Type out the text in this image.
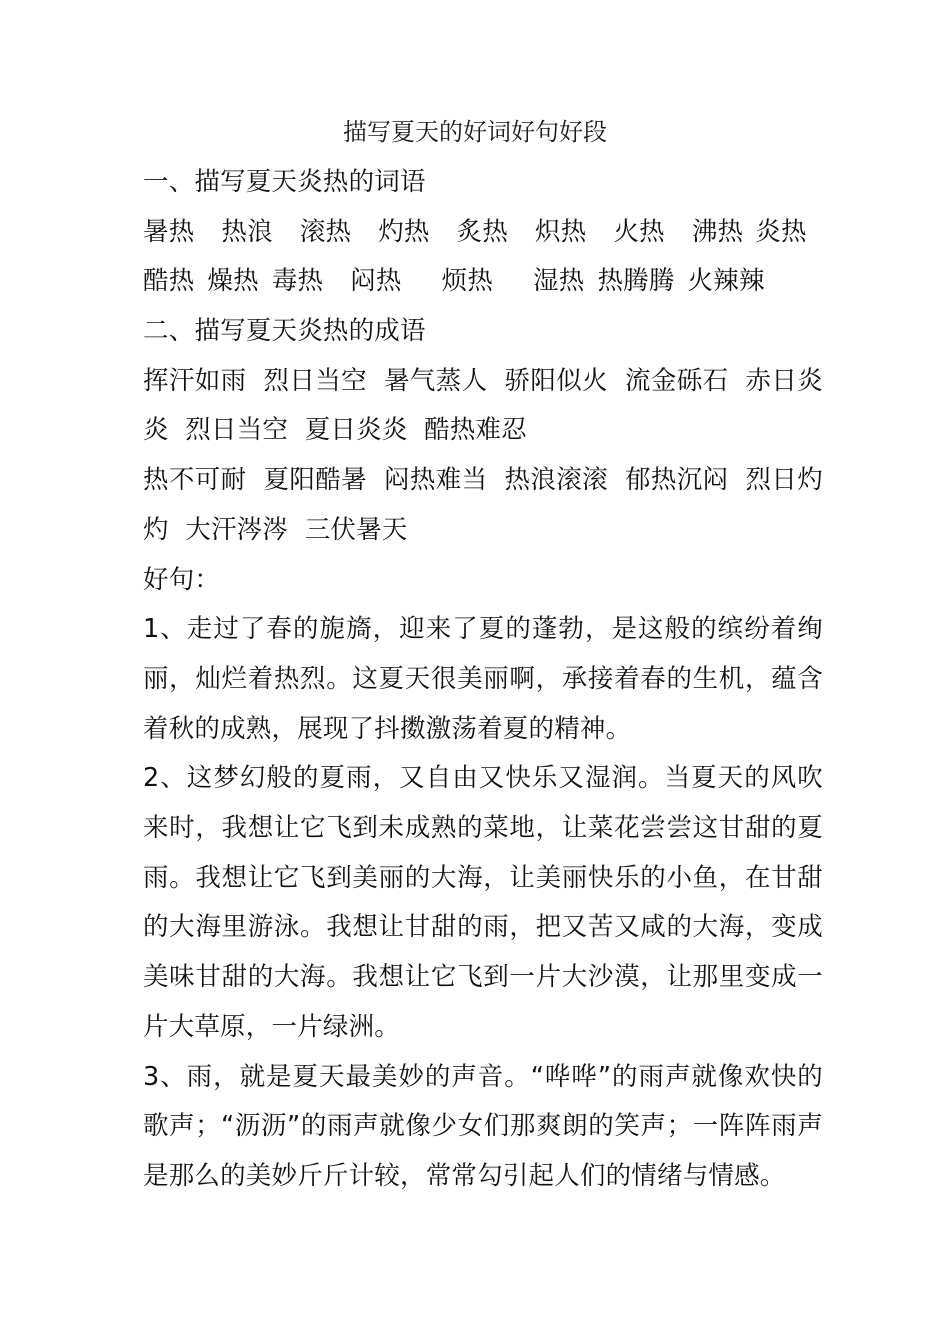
描写夏天的好词好句好段
一、描写夏天炎热的词语
暑热 热浪 滚热 灼热 炙热 炽热 火热 沸热 炎热
酷热 燥热 毒热 闷热 烦热 湿热 热腾腾 火辣辣
二、描写夏天炎热的成语
挥汗如雨  烈日当空  暑气蒸人  骄阳似火  流金砾石  赤日炎炎  烈日当空  夏日炎炎  酷热难忍
热不可耐  夏阳酷暑  闷热难当  热浪滚滚  郁热沉闷  烈日灼灼  大汗涔涔  三伏暑天
好句：
1、走过了春的旎旖，迎来了夏的蓬勃，是这般的缤纷着绚丽，灿烂着热烈。这夏天很美丽啊，承接着春的生机，蕴含着秋的成熟，展现了抖擞激荡着夏的精神。
2、这梦幻般的夏雨，又自由又快乐又湿润。当夏天的风吹来时，我想让它飞到未成熟的菜地，让菜花尝尝这甘甜的夏雨。我想让它飞到美丽的大海，让美丽快乐的小鱼，在甘甜的大海里游泳。我想让甘甜的雨，把又苦又咸的大海，变成美味甘甜的大海。我想让它飞到一片大沙漠，让那里变成一片大草原，一片绿洲。
3、雨，就是夏天最美妙的声音。“哗哗”的雨声就像欢快的歌声；“沥沥”的雨声就像少女们那爽朗的笑声；一阵阵雨声是那么的美妙斤斤计较，常常勾引起人们的情绪与情感。
